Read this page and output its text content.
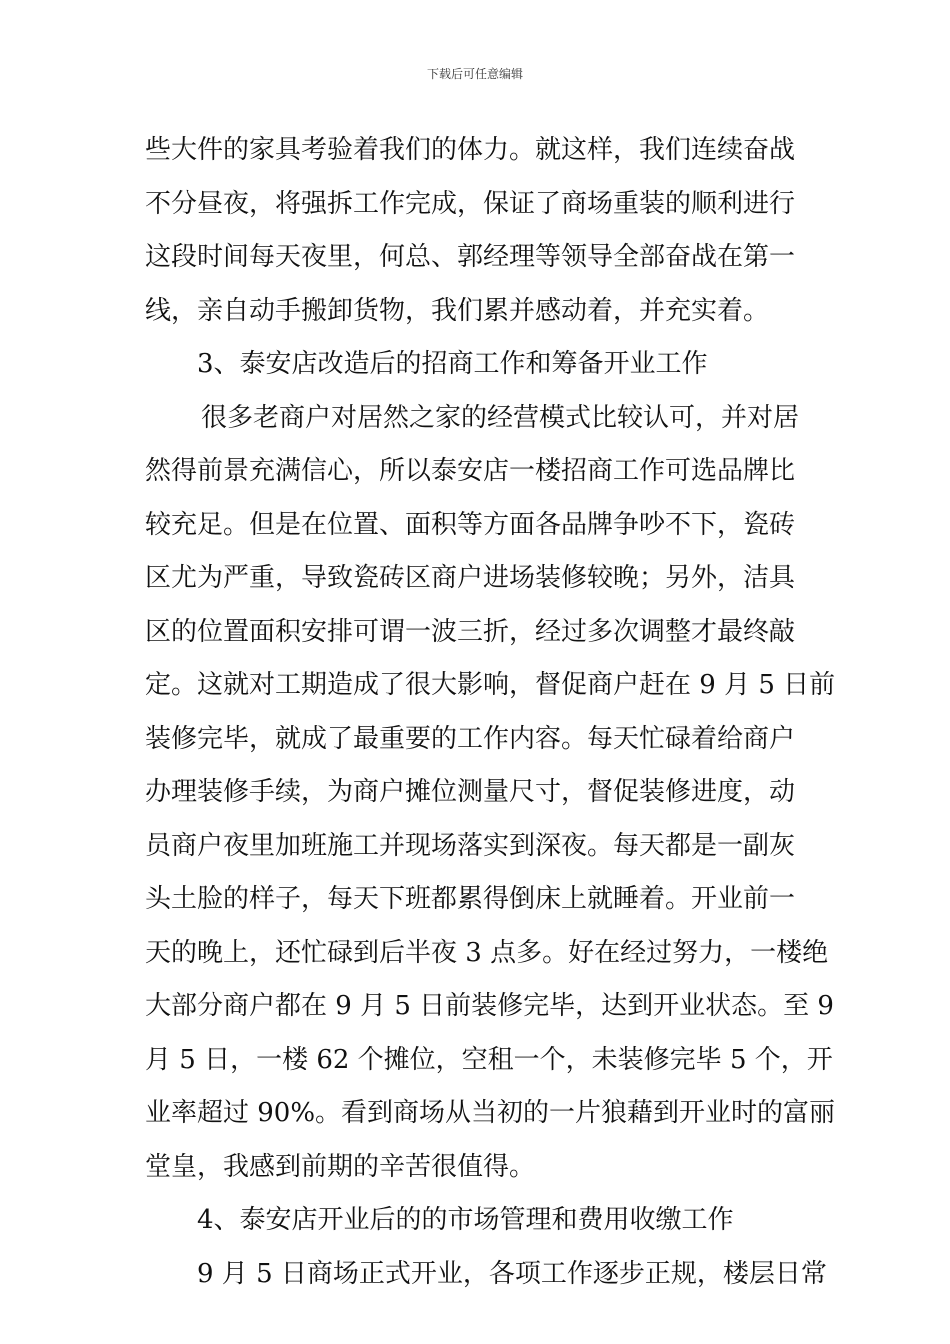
下载后可任意编辑
些大件的家具考验着我们的体力。就这样，我们连续奋战
不分昼夜，将强拆工作完成，保证了商场重装的顺利进行
这段时间每天夜里，何总、郭经理等领导全部奋战在第一
线，亲自动手搬卸货物，我们累并感动着，并充实着。
3、泰安店改造后的招商工作和筹备开业工作
很多老商户对居然之家的经营模式比较认可，并对居
然得前景充满信心，所以泰安店一楼招商工作可选品牌比
较充足。但是在位置、面积等方面各品牌争吵不下，瓷砖
区尤为严重，导致瓷砖区商户进场装修较晚；另外，洁具
区的位置面积安排可谓一波三折，经过多次调整才最终敲
定。这就对工期造成了很大影响，督促商户赶在 9 月 5 日前
装修完毕，就成了最重要的工作内容。每天忙碌着给商户
办理装修手续，为商户摊位测量尺寸，督促装修进度，动
员商户夜里加班施工并现场落实到深夜。每天都是一副灰
头土脸的样子，每天下班都累得倒床上就睡着。开业前一
天的晚上，还忙碌到后半夜 3 点多。好在经过努力，一楼绝
大部分商户都在 9 月 5 日前装修完毕，达到开业状态。至 9
月 5 日，一楼 62 个摊位，空租一个，未装修完毕 5 个，开
业率超过 90%。看到商场从当初的一片狼藉到开业时的富丽
堂皇，我感到前期的辛苦很值得。
4、泰安店开业后的的市场管理和费用收缴工作
9 月 5 日商场正式开业，各项工作逐步正规，楼层日常
